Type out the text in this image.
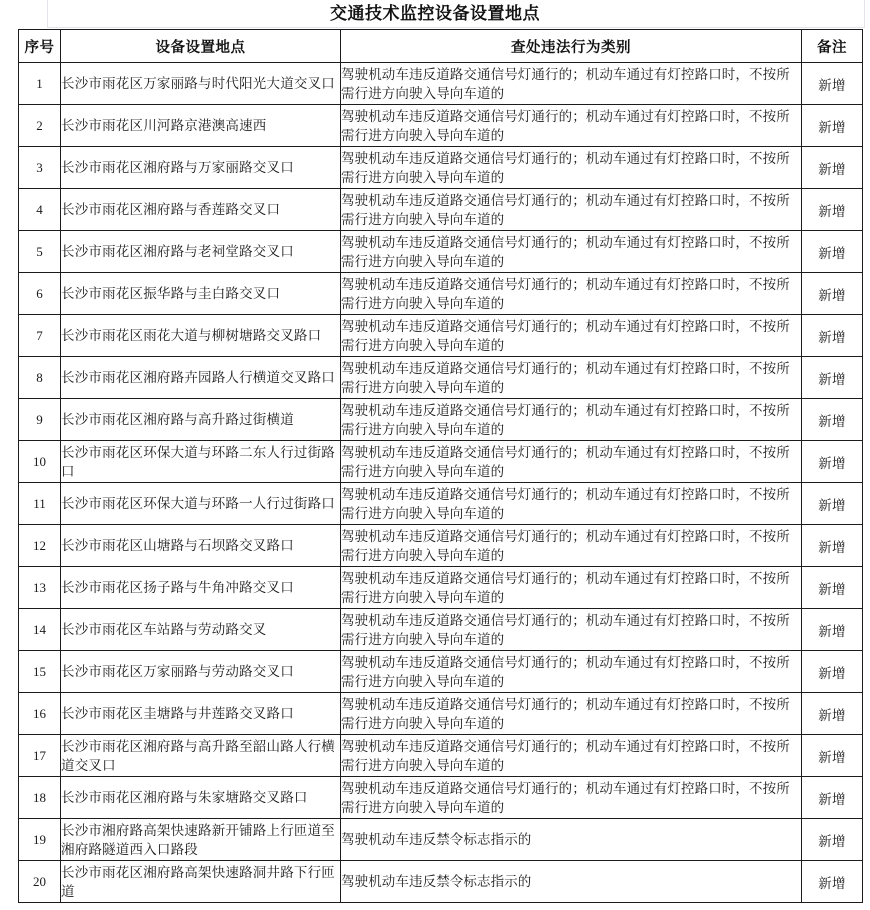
交通技术监控设备设置地点
序号	设备设置地点	查处违法行为类别	备注
1	长沙市雨花区万家丽路与时代阳光大道交叉口	驾驶机动车违反道路交通信号灯通行的；机动车通过有灯控路口时，不按所需行进方向驶入导向车道的	新增
2	长沙市雨花区川河路京港澳高速西	驾驶机动车违反道路交通信号灯通行的；机动车通过有灯控路口时，不按所需行进方向驶入导向车道的	新增
3	长沙市雨花区湘府路与万家丽路交叉口	驾驶机动车违反道路交通信号灯通行的；机动车通过有灯控路口时，不按所需行进方向驶入导向车道的	新增
4	长沙市雨花区湘府路与香莲路交叉口	驾驶机动车违反道路交通信号灯通行的；机动车通过有灯控路口时，不按所需行进方向驶入导向车道的	新增
5	长沙市雨花区湘府路与老祠堂路交叉口	驾驶机动车违反道路交通信号灯通行的；机动车通过有灯控路口时，不按所需行进方向驶入导向车道的	新增
6	长沙市雨花区振华路与圭白路交叉口	驾驶机动车违反道路交通信号灯通行的；机动车通过有灯控路口时，不按所需行进方向驶入导向车道的	新增
7	长沙市雨花区雨花大道与柳树塘路交叉路口	驾驶机动车违反道路交通信号灯通行的；机动车通过有灯控路口时，不按所需行进方向驶入导向车道的	新增
8	长沙市雨花区湘府路卉园路人行横道交叉路口	驾驶机动车违反道路交通信号灯通行的；机动车通过有灯控路口时，不按所需行进方向驶入导向车道的	新增
9	长沙市雨花区湘府路与高升路过街横道	驾驶机动车违反道路交通信号灯通行的；机动车通过有灯控路口时，不按所需行进方向驶入导向车道的	新增
10	长沙市雨花区环保大道与环路二东人行过街路口	驾驶机动车违反道路交通信号灯通行的；机动车通过有灯控路口时，不按所需行进方向驶入导向车道的	新增
11	长沙市雨花区环保大道与环路一人行过街路口	驾驶机动车违反道路交通信号灯通行的；机动车通过有灯控路口时，不按所需行进方向驶入导向车道的	新增
12	长沙市雨花区山塘路与石坝路交叉路口	驾驶机动车违反道路交通信号灯通行的；机动车通过有灯控路口时，不按所需行进方向驶入导向车道的	新增
13	长沙市雨花区扬子路与牛角冲路交叉口	驾驶机动车违反道路交通信号灯通行的；机动车通过有灯控路口时，不按所需行进方向驶入导向车道的	新增
14	长沙市雨花区车站路与劳动路交叉	驾驶机动车违反道路交通信号灯通行的；机动车通过有灯控路口时，不按所需行进方向驶入导向车道的	新增
15	长沙市雨花区万家丽路与劳动路交叉口	驾驶机动车违反道路交通信号灯通行的；机动车通过有灯控路口时，不按所需行进方向驶入导向车道的	新增
16	长沙市雨花区圭塘路与井莲路交叉路口	驾驶机动车违反道路交通信号灯通行的；机动车通过有灯控路口时，不按所需行进方向驶入导向车道的	新增
17	长沙市雨花区湘府路与高升路至韶山路人行横道交叉口	驾驶机动车违反道路交通信号灯通行的；机动车通过有灯控路口时，不按所需行进方向驶入导向车道的	新增
18	长沙市雨花区湘府路与朱家塘路交叉路口	驾驶机动车违反道路交通信号灯通行的；机动车通过有灯控路口时，不按所需行进方向驶入导向车道的	新增
19	长沙市湘府路高架快速路新开铺路上行匝道至湘府路隧道西入口路段	驾驶机动车违反禁令标志指示的	新增
20	长沙市雨花区湘府路高架快速路洞井路下行匝道	驾驶机动车违反禁令标志指示的	新增
